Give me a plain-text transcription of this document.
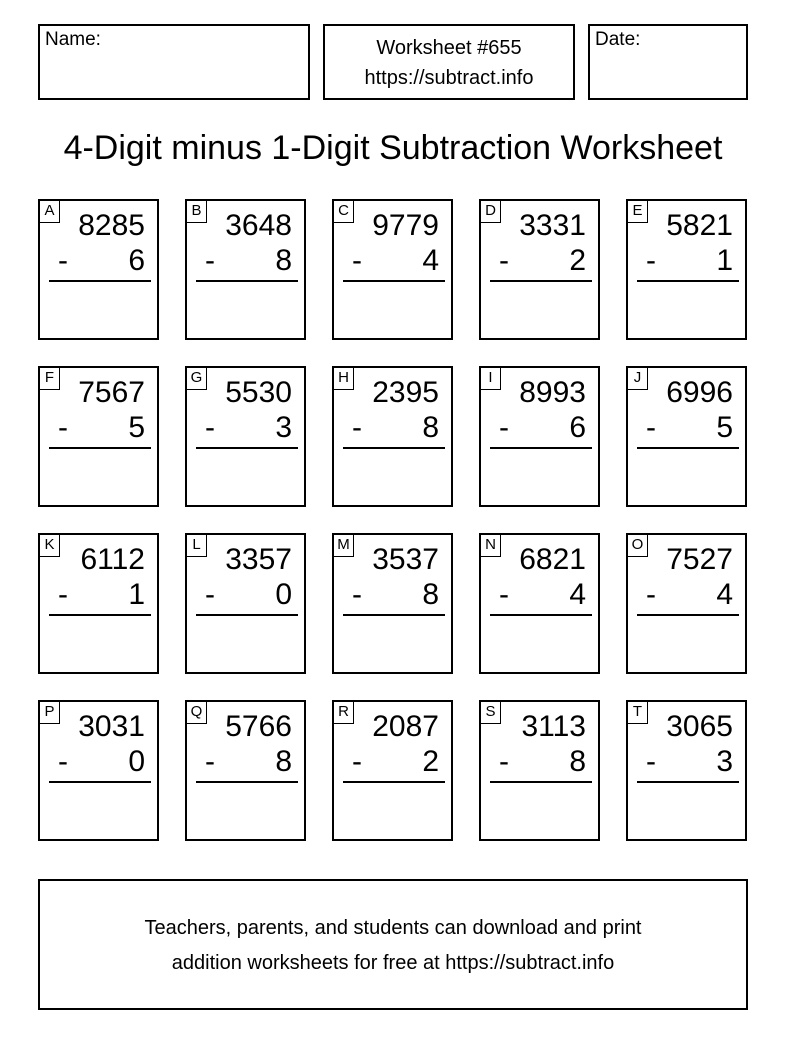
Name:	Worksheet #655
https://subtract.info
Date:
4-Digit minus 1-Digit Subtraction Worksheet
A 8285
- 6
B 3648
- 8
C 9779
- 4
D 3331
- 2
E 5821
- 1
F 7567
- 5
G 5530
- 3
H 2395
- 8
I 8993
- 6
J 6996
- 5
K 6112
- 1
L 3357
- 0
M 3537
- 8
N 6821
- 4
O 7527
- 4
P 3031
- 0
Q 5766
- 8
R 2087
- 2
S 3113
- 8
T 3065
- 3
Teachers, parents, and students can download and print
addition worksheets for free at https://subtract.info
